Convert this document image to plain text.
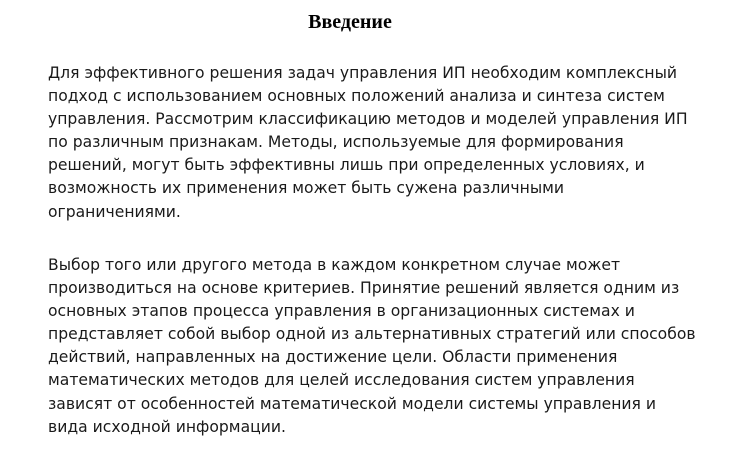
Введение

Для эффективного решения задач управления ИП необходим комплексный
подход с использованием основных положений анализа и синтеза систем
управления. Рассмотрим классификацию методов и моделей управления ИП
по различным признакам. Методы, используемые для формирования
решений, могут быть эффективны лишь при определенных условиях, и
возможность их применения может быть сужена различными
ограничениями.

Выбор того или другого метода в каждом конкретном случае может
производиться на основе критериев. Принятие решений является одним из
основных этапов процесса управления в организационных системах и
представляет собой выбор одной из альтернативных стратегий или способов
действий, направленных на достижение цели. Области применения
математических методов для целей исследования систем управления
зависят от особенностей математической модели системы управления и
вида исходной информации.
